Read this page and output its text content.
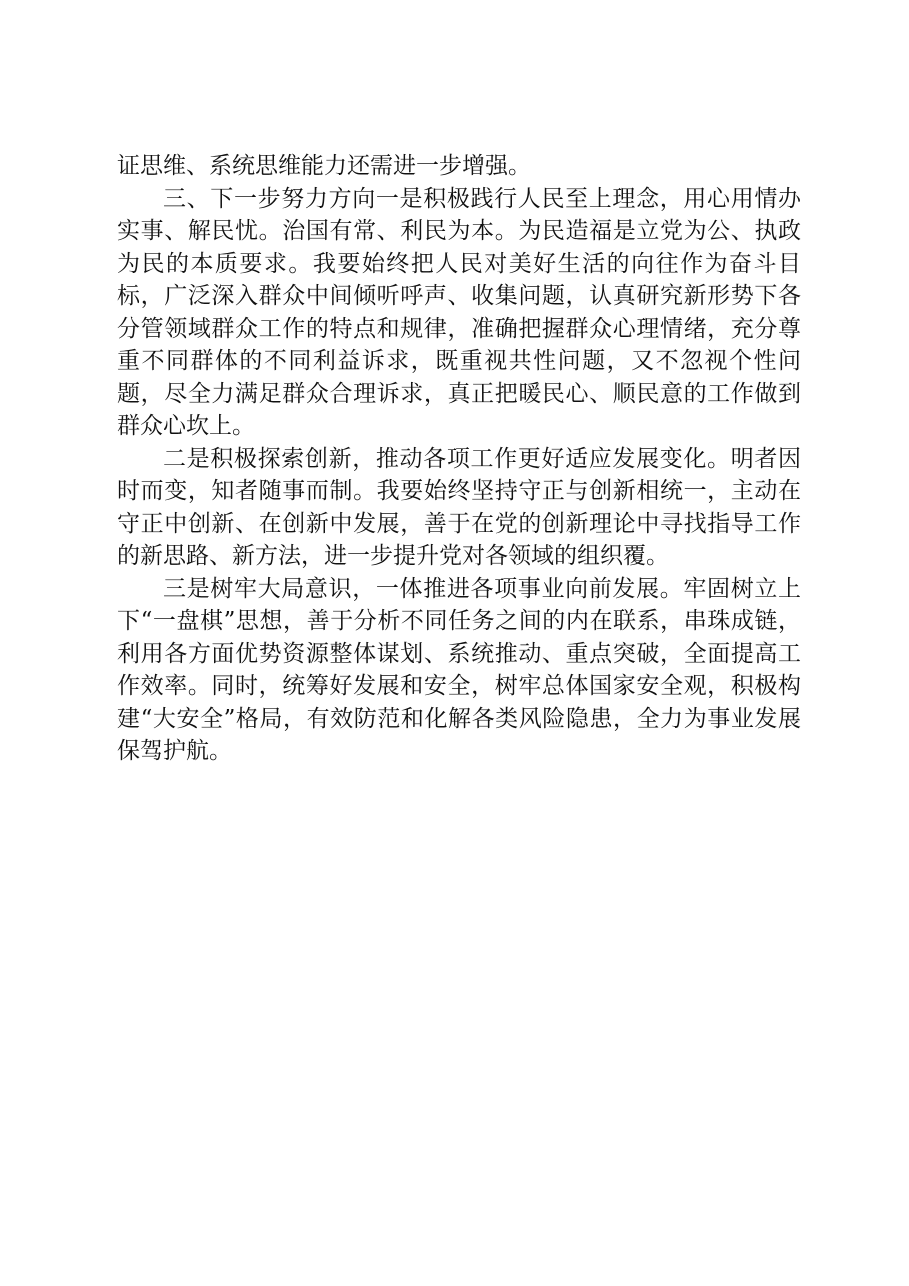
证思维、系统思维能力还需进一步增强。

三、下一步努力方向一是积极践行人民至上理念，用心用情办实事、解民忧。治国有常、利民为本。为民造福是立党为公、执政为民的本质要求。我要始终把人民对美好生活的向往作为奋斗目标，广泛深入群众中间倾听呼声、收集问题，认真研究新形势下各分管领域群众工作的特点和规律，准确把握群众心理情绪，充分尊重不同群体的不同利益诉求，既重视共性问题，又不忽视个性问题，尽全力满足群众合理诉求，真正把暖民心、顺民意的工作做到群众心坎上。

二是积极探索创新，推动各项工作更好适应发展变化。明者因时而变，知者随事而制。我要始终坚持守正与创新相统一，主动在守正中创新、在创新中发展，善于在党的创新理论中寻找指导工作的新思路、新方法，进一步提升党对各领域的组织覆。

三是树牢大局意识，一体推进各项事业向前发展。牢固树立上下“一盘棋”思想，善于分析不同任务之间的内在联系，串珠成链，利用各方面优势资源整体谋划、系统推动、重点突破，全面提高工作效率。同时，统筹好发展和安全，树牢总体国家安全观，积极构建“大安全”格局，有效防范和化解各类风险隐患，全力为事业发展保驾护航。
